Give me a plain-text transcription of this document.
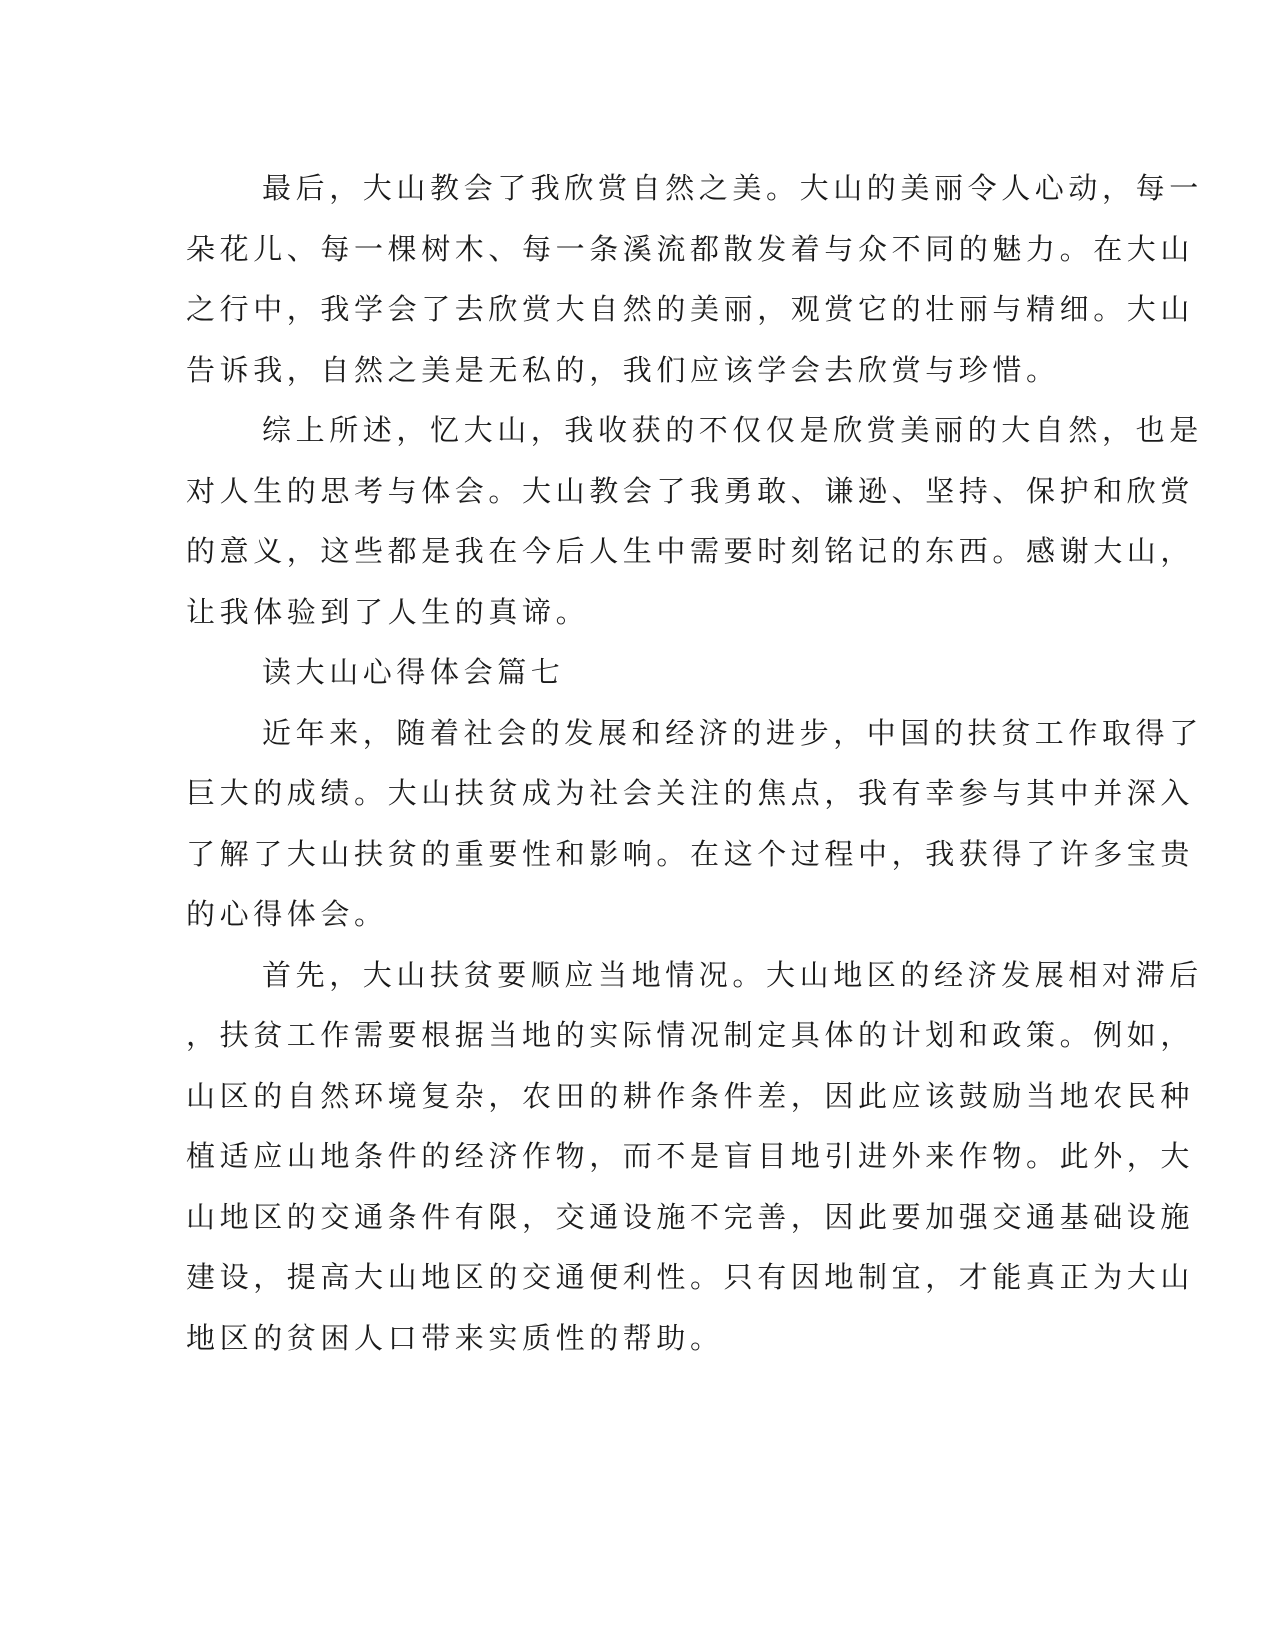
最后，大山教会了我欣赏自然之美。大山的美丽令人心动，每一
朵花儿、每一棵树木、每一条溪流都散发着与众不同的魅力。在大山
之行中，我学会了去欣赏大自然的美丽，观赏它的壮丽与精细。大山
告诉我，自然之美是无私的，我们应该学会去欣赏与珍惜。
综上所述，忆大山，我收获的不仅仅是欣赏美丽的大自然，也是
对人生的思考与体会。大山教会了我勇敢、谦逊、坚持、保护和欣赏
的意义，这些都是我在今后人生中需要时刻铭记的东西。感谢大山，
让我体验到了人生的真谛。
读大山心得体会篇七
近年来，随着社会的发展和经济的进步，中国的扶贫工作取得了
巨大的成绩。大山扶贫成为社会关注的焦点，我有幸参与其中并深入
了解了大山扶贫的重要性和影响。在这个过程中，我获得了许多宝贵
的心得体会。
首先，大山扶贫要顺应当地情况。大山地区的经济发展相对滞后
，扶贫工作需要根据当地的实际情况制定具体的计划和政策。例如，
山区的自然环境复杂，农田的耕作条件差，因此应该鼓励当地农民种
植适应山地条件的经济作物，而不是盲目地引进外来作物。此外，大
山地区的交通条件有限，交通设施不完善，因此要加强交通基础设施
建设，提高大山地区的交通便利性。只有因地制宜，才能真正为大山
地区的贫困人口带来实质性的帮助。
